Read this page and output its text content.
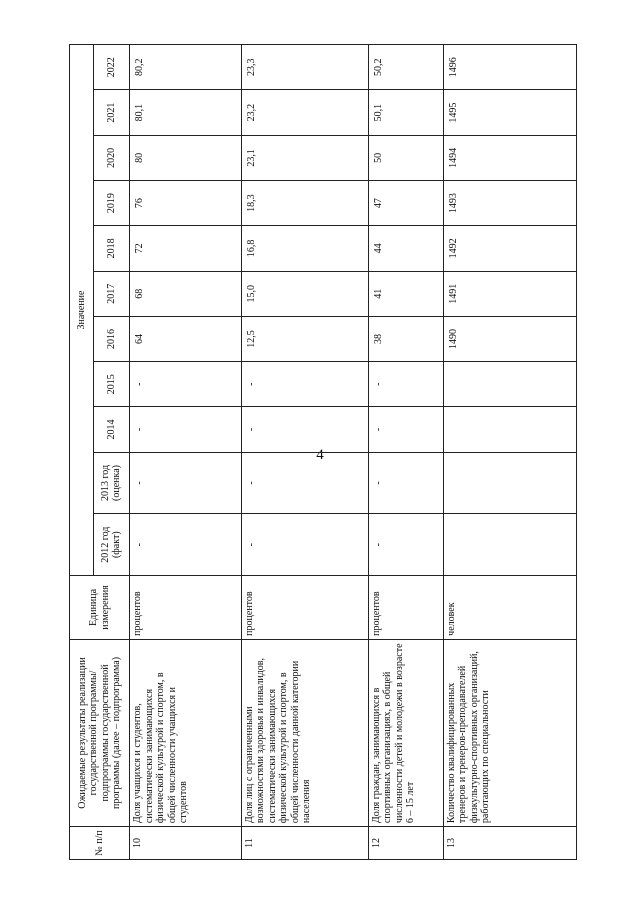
4
№ п/п	Ожидаемые результаты реализации государственной программы/подпрограммы государственной программы (далее – подпрограмма)	Единица измерения	Значение										
			2012 год (факт)	2013 год (оценка)	2014	2015	2016	2017	2018	2019	2020	2021	2022
10	Доля учащихся и студентов, систематически занимающихся физической культурой и спортом, в общей численности учащихся и студентов	процентов	-	-	-	-	64	68	72	76	80	80,1	80,2
11	Доля лиц с ограниченными возможностями здоровья и инвалидов, систематически занимающихся физической культурой и спортом, в общей численности данной категории населения	процентов	-	-	-	-	12,5	15,0	16,8	18,3	23,1	23,2	23,3
12	Доля граждан, занимающихся в спортивных организациях, в общей численности детей и молодежи в возрасте 6 – 15 лет	процентов	-	-	-	-	38	41	44	47	50	50,1	50,2
13	Количество квалифицированных тренеров и тренеров-преподавателей физкультурно-спортивных организаций, работающих по специальности	человек					1490	1491	1492	1493	1494	1495	1496
